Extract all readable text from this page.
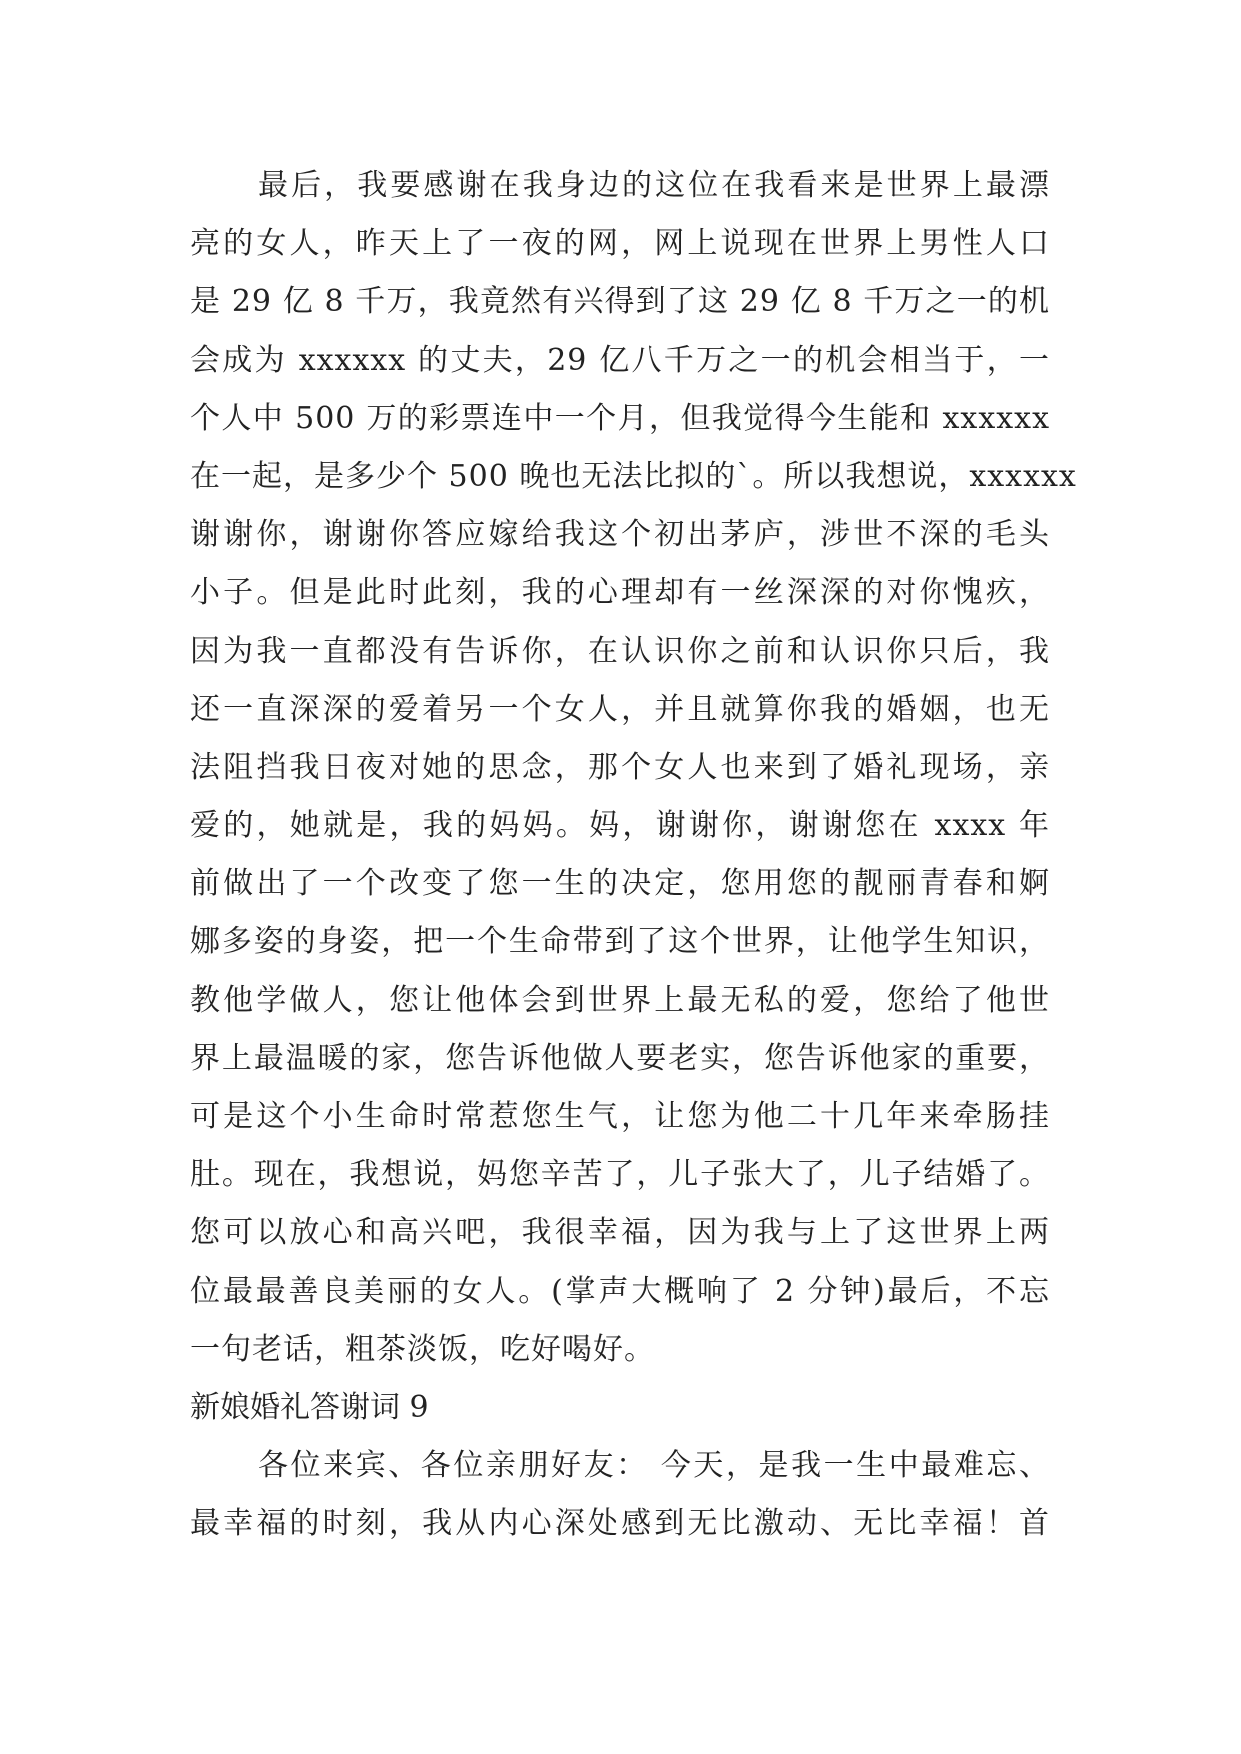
最后，我要感谢在我身边的这位在我看来是世界上最漂
亮的女人，昨天上了一夜的网，网上说现在世界上男性人口
是 29 亿 8 千万，我竟然有兴得到了这 29 亿 8 千万之一的机
会成为 xxxxxx 的丈夫，29 亿八千万之一的机会相当于，一
个人中 500 万的彩票连中一个月，但我觉得今生能和 xxxxxx
在一起，是多少个 500 晚也无法比拟的`。所以我想说，xxxxxx
谢谢你，谢谢你答应嫁给我这个初出茅庐，涉世不深的毛头
小子。但是此时此刻，我的心理却有一丝深深的对你愧疚，
因为我一直都没有告诉你，在认识你之前和认识你只后，我
还一直深深的爱着另一个女人，并且就算你我的婚姻，也无
法阻挡我日夜对她的思念，那个女人也来到了婚礼现场，亲
爱的，她就是，我的妈妈。妈，谢谢你，谢谢您在 xxxx 年
前做出了一个改变了您一生的决定，您用您的靓丽青春和婀
娜多姿的身姿，把一个生命带到了这个世界，让他学生知识，
教他学做人，您让他体会到世界上最无私的爱，您给了他世
界上最温暖的家，您告诉他做人要老实，您告诉他家的重要，
可是这个小生命时常惹您生气，让您为他二十几年来牵肠挂
肚。现在，我想说，妈您辛苦了，儿子张大了，儿子结婚了。
您可以放心和高兴吧，我很幸福，因为我与上了这世界上两
位最最善良美丽的女人。(掌声大概响了 2 分钟)最后，不忘
一句老话，粗茶淡饭，吃好喝好。
新娘婚礼答谢词 9
各位来宾、各位亲朋好友： 今天，是我一生中最难忘、
最幸福的时刻，我从内心深处感到无比激动、无比幸福！首
